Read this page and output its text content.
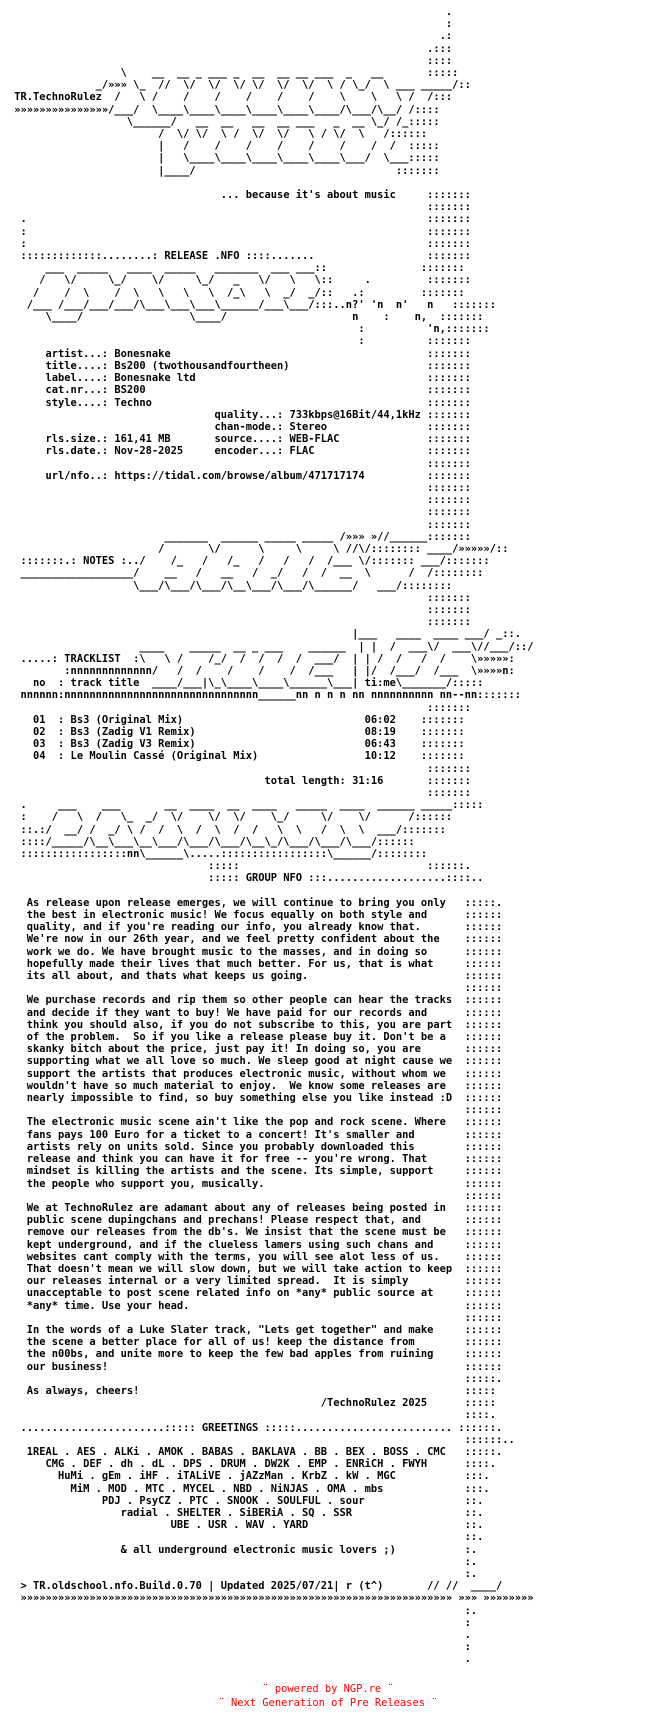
.
:
.:
.:::
::::
\    __  __ _ ___ _  __  __ __ ___  _   __       :::::
_/»»» \_  //  \/  \/  \/ \/  \/  \/  \ / \_/  \ ___ _____/::
TR.TechnoRulez  /   \ /    /    /    /    /    /    \    \   \ /  /:::
»»»»»»»»»»»»»»»/___/  \____\____\____\____\____\____/\___/\__/ /::::
\______/   __  __   __  __ ___   _  __ \_/ /_:::::
/  \/ \/  \ /  \/  \/   \ / \/  \   /::::::
|   /    /    /    /    /    /    /  /  :::::
|   \____\____\____\____\____\___/  \___:::::
|____/                                :::::::

... because it's about music     :::::::
:::::::
.                                                                :::::::
:                                                                :::::::
:                                                                :::::::
:::::::::::::........: RELEASE .NFO ::::.......                  :::::::
___  _____   ____  _____   _______  ___ ___::               :::::::
/   \/     \_/    \/     \_/   _   \/   \   \::     .         :::::::
/    /  \    /  \   \   \   \  /_\   \  _/  _/::   .:         :::::::
/___ /___/___/___/\___\___\___\______/___\___/:::..n?' 'n  n'   n   :::::::
\____/                 \____/                    n    :    n,  :::::::
:          'n,:::::::
:          :::::::
artist...: Bonesnake                                         :::::::
title....: Bs200 (twothousandfourtheen)                      :::::::
label....: Bonesnake ltd                                     :::::::
cat.nr...: BS200                                             :::::::
style....: Techno                                            :::::::
quality...: 733kbps@16Bit/44,1kHz :::::::
chan-mode.: Stereo                :::::::
rls.size.: 161,41 MB       source....: WEB-FLAC              :::::::
rls.date.: Nov-28-2025     encoder...: FLAC                  :::::::
:::::::
url/nfo..: https://tidal.com/browse/album/471717174          :::::::
:::::::
:::::::
:::::::
:::::::
_______  ______ _____ _____ /»»» »//______:::::::
/       \/      \     \     \ //\/:::::::: ____/»»»»»/::
:::::::.: NOTES :../    /_   /   /_   /   /   /  /___ \/::::::: ___/:::::::
__________________/    __   /   __   /  _/   /  /  __  \      /  /::::::::
\___/\___/\___/\__\___/\___/\______/   ___/::::::::
:::::::
:::::::
:::::::
|___   ____  ____ ___/ _::.
____    _____  __ _ ___    ______  | |  /  ___\/  ___\//___/::/
.....: TRACKLIST  :\   \ /    /_/  /  /  /  /  ___/  | | /  /   /  /    \»»»»»:
:nnnnnnnnnnnnn/   /  /    /    /    /  /___   | |/  /___/  /___  \»»»»n:
no  : track title  ____/___|\_\____\____\______\___| ti:me\_______/:::::
nnnnnn:nnnnnnnnnnnnnnnnnnnnnnnnnnnnnnn______nn n n n nn nnnnnnnnnn nn--nn:::::::
:::::::
01  : Bs3 (Original Mix)                             06:02    :::::::
02  : Bs3 (Zadig V1 Remix)                           08:19    :::::::
03  : Bs3 (Zadig V3 Remix)                           06:43    :::::::
04  : Le Moulin Cassé (Original Mix)                 10:12    :::::::
:::::::
total length: 31:16       :::::::
:::::::
.     ___    ___       __  ____  __  ____   _____  ____  ______ _____:::::
:    /   \  /   \_  _/  \/    \/  \/    \_/     \/    \/      /::::::
::.:/  __/ /  _/ \ /  /  \  /  \  /  /   \  \   /  \  \  ___/:::::::
::::/_____/\__\___\__\___/\___/\___/\__\_/\___/\___/\___/::::::
:::::::::::::::::nn\______\.....:::::::::::::::::\______/::::::::
:::::                              ::::::.
::::: GROUP NFO :::...................::::..

As release upon release emerges, we will continue to bring you only   :::::.
the best in electronic music! We focus equally on both style and      ::::::
quality, and if you're reading our info, you already know that.       ::::::
We're now in our 26th year, and we feel pretty confident about the    ::::::
work we do. We have brought music to the masses, and in doing so      ::::::
hopefully made their lives that much better. For us, that is what     ::::::
its all about, and thats what keeps us going.                         ::::::
::::::
We purchase records and rip them so other people can hear the tracks  ::::::
and decide if they want to buy! We have paid for our records and      ::::::
think you should also, if you do not subscribe to this, you are part  ::::::
of the problem.  So if you like a release please buy it. Don't be a   ::::::
skanky bitch about the price, just pay it! In doing so, you are       ::::::
supporting what we all love so much. We sleep good at night cause we  ::::::
support the artists that produces electronic music, without whom we   ::::::
wouldn't have so much material to enjoy.  We know some releases are   ::::::
nearly impossible to find, so buy something else you like instead :D  ::::::
::::::
The electronic music scene ain't like the pop and rock scene. Where   ::::::
fans pays 100 Euro for a ticket to a concert! It's smaller and        ::::::
artists rely on units sold. Since you probably downloaded this        ::::::
release and think you can have it for free -- you're wrong. That      ::::::
mindset is killing the artists and the scene. Its simple, support     ::::::
the people who support you, musically.                                ::::::
::::::
We at TechnoRulez are adamant about any of releases being posted in   ::::::
public scene dupingchans and prechans! Please respect that, and       ::::::
remove our releases from the db's. We insist that the scene must be   ::::::
kept underground, and if the clueless lamers using such chans and     ::::::
websites cant comply with the terms, you will see alot less of us.    ::::::
That doesn't mean we will slow down, but we will take action to keep  ::::::
our releases internal or a very limited spread.  It is simply         ::::::
unacceptable to post scene related info on *any* public source at     ::::::
*any* time. Use your head.                                            ::::::
::::::
In the words of a Luke Slater track, "Lets get together" and make     ::::::
the scene a better place for all of us! keep the distance from        ::::::
the n00bs, and unite more to keep the few bad apples from ruining     ::::::
our business!                                                         ::::::
:::::.
As always, cheers!                                                    :::::
/TechnoRulez 2025      :::::
::::.
.......................::::: GREETINGS :::::......................... ::::::.
::::::..
1REAL . AES . ALKi . AMOK . BABAS . BAKLAVA . BB . BEX . BOSS . CMC   :::::.
CMG . DEF . dh . dL . DPS . DRUM . DW2K . EMP . ENRiCH . FWYH      ::::.
HuMi . gEm . iHF . iTALiVE . jAZzMan . KrbZ . kW . MGC           :::.
MiM . MOD . MTC . MYCEL . NBD . NiNJAS . OMA . mbs             :::.
PDJ . PsyCZ . PTC . SNOOK . SOULFUL . sour                ::.
radial . SHELTER . SiBERiA . SQ . SSR                  ::.
UBE . USR . WAV . YARD                         ::.
::.
& all underground electronic music lovers ;)           :.
:.
:.
> TR.oldschool.nfo.Build.0.70 | Updated 2025/07/21| r (t^)       // //  ____/
»»»»»»»»»»»»»»»»»»»»»»»»»»»»»»»»»»»»»»»»»»»»»»»»»»»»»»»»»»»»»»»»»»»»» »»» »»»»»»»»
:.
:
.
:
.

¨ powered by NGP.re ¨
¨ Next Generation of Pre Releases ¨
